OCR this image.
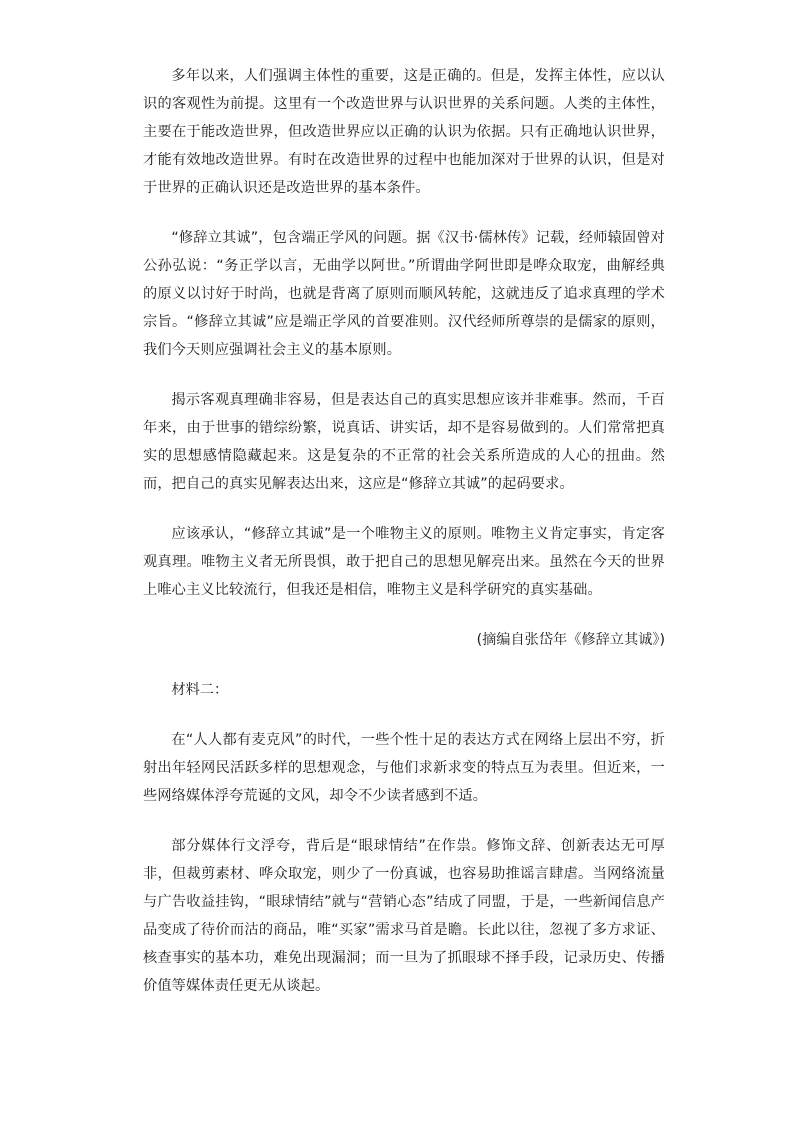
多年以来，人们强调主体性的重要，这是正确的。但是，发挥主体性，应以认识的客观性为前提。这里有一个改造世界与认识世界的关系问题。人类的主体性，主要在于能改造世界，但改造世界应以正确的认识为依据。只有正确地认识世界，才能有效地改造世界。有时在改造世界的过程中也能加深对于世界的认识，但是对于世界的正确认识还是改造世界的基本条件。

“修辞立其诚”，包含端正学风的问题。据《汉书·儒林传》记载，经师辕固曾对公孙弘说：“务正学以言，无曲学以阿世。”所谓曲学阿世即是哗众取宠，曲解经典的原义以讨好于时尚，也就是背离了原则而顺风转舵，这就违反了追求真理的学术宗旨。“修辞立其诚”应是端正学风的首要准则。汉代经师所尊崇的是儒家的原则，我们今天则应强调社会主义的基本原则。

揭示客观真理确非容易，但是表达自己的真实思想应该并非难事。然而，千百年来，由于世事的错综纷繁，说真话、讲实话，却不是容易做到的。人们常常把真实的思想感情隐藏起来。这是复杂的不正常的社会关系所造成的人心的扭曲。然而，把自己的真实见解表达出来，这应是“修辞立其诚”的起码要求。

应该承认，“修辞立其诚”是一个唯物主义的原则。唯物主义肯定事实，肯定客观真理。唯物主义者无所畏惧，敢于把自己的思想见解亮出来。虽然在今天的世界上唯心主义比较流行，但我还是相信，唯物主义是科学研究的真实基础。

(摘编自张岱年《修辞立其诚》)

材料二：

在“人人都有麦克风”的时代，一些个性十足的表达方式在网络上层出不穷，折射出年轻网民活跃多样的思想观念，与他们求新求变的特点互为表里。但近来，一些网络媒体浮夸荒诞的文风，却令不少读者感到不适。

部分媒体行文浮夸，背后是“眼球情结”在作祟。修饰文辞、创新表达无可厚非，但裁剪素材、哗众取宠，则少了一份真诚，也容易助推谣言肆虐。当网络流量与广告收益挂钩，“眼球情结”就与“营销心态”结成了同盟，于是，一些新闻信息产品变成了待价而沽的商品，唯“买家”需求马首是瞻。长此以往，忽视了多方求证、核查事实的基本功，难免出现漏洞；而一旦为了抓眼球不择手段，记录历史、传播价值等媒体责任更无从谈起。
